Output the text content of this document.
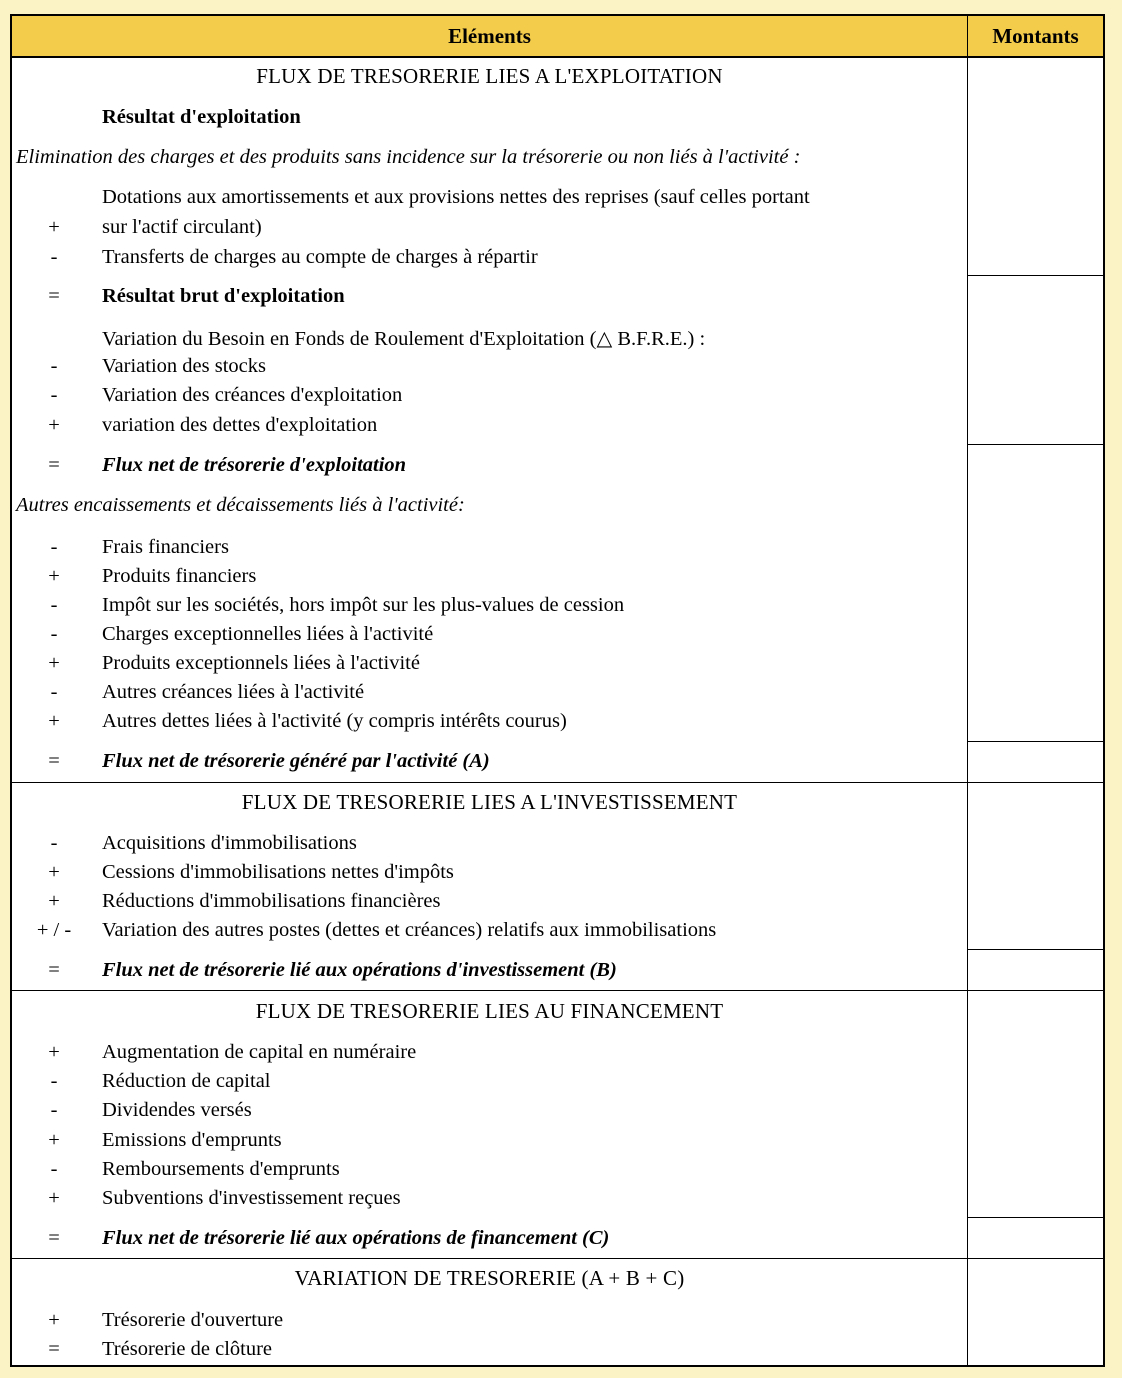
Eléments	Montants
FLUX DE TRESORERIE LIES A L'EXPLOITATION
Résultat d'exploitation
Elimination des charges et des produits sans incidence sur la trésorerie ou non liés à l'activité :
Dotations aux amortissements et aux provisions nettes des reprises (sauf celles portant
+	sur l'actif circulant)
-	Transferts de charges au compte de charges à répartir
=	Résultat brut d'exploitation
Variation du Besoin en Fonds de Roulement d'Exploitation (△ B.F.R.E.) :
-	Variation des stocks
-	Variation des créances d'exploitation
+	variation des dettes d'exploitation
=	Flux net de trésorerie d'exploitation
Autres encaissements et décaissements liés à l'activité:
-	Frais financiers
+	Produits financiers
-	Impôt sur les sociétés, hors impôt sur les plus-values de cession
-	Charges exceptionnelles liées à l'activité
+	Produits exceptionnels liées à l'activité
-	Autres créances liées à l'activité
+	Autres dettes liées à l'activité (y compris intérêts courus)
=	Flux net de trésorerie généré par l'activité (A)
FLUX DE TRESORERIE LIES A L'INVESTISSEMENT
-	Acquisitions d'immobilisations
+	Cessions d'immobilisations nettes d'impôts
+	Réductions d'immobilisations financières
+ / -	Variation des autres postes (dettes et créances) relatifs aux immobilisations
=	Flux net de trésorerie lié aux opérations d'investissement (B)
FLUX DE TRESORERIE LIES AU FINANCEMENT
+	Augmentation de capital en numéraire
-	Réduction de capital
-	Dividendes versés
+	Emissions d'emprunts
-	Remboursements d'emprunts
+	Subventions d'investissement reçues
=	Flux net de trésorerie lié aux opérations de financement (C)
VARIATION DE TRESORERIE (A + B + C)
+	Trésorerie d'ouverture
=	Trésorerie de clôture
